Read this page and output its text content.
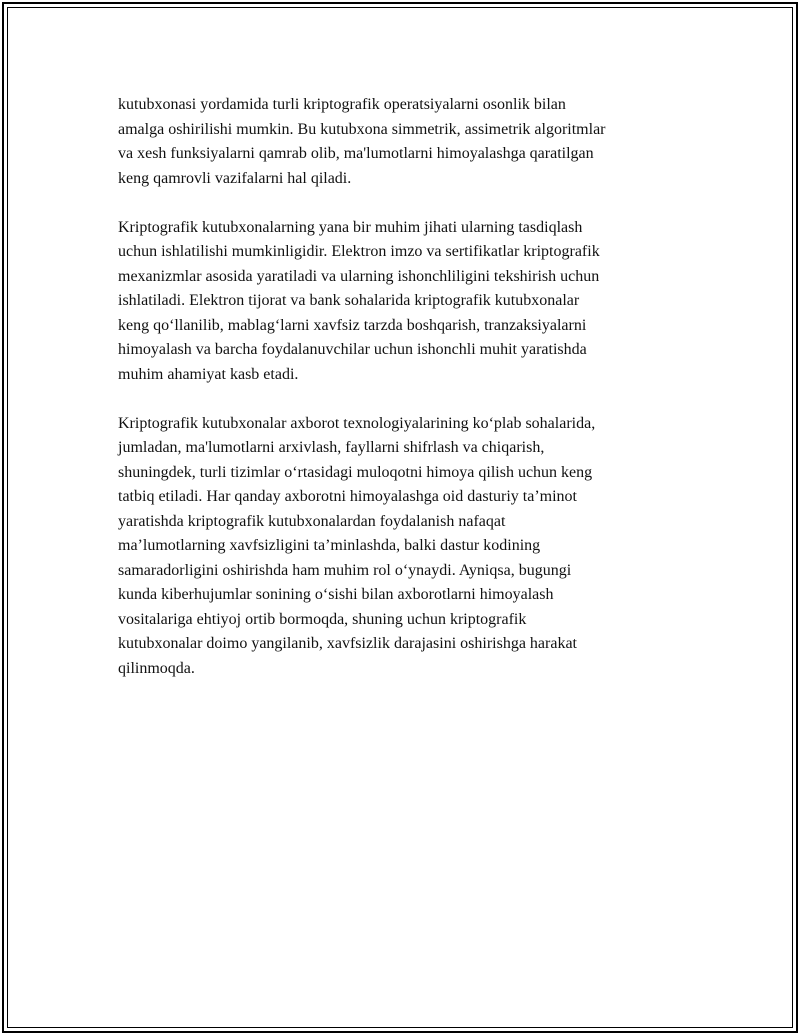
kutubxonasi yordamida turli kriptografik operatsiyalarni osonlik bilan
amalga oshirilishi mumkin. Bu kutubxona simmetrik, assimetrik algoritmlar
va xesh funksiyalarni qamrab olib, ma'lumotlarni himoyalashga qaratilgan
keng qamrovli vazifalarni hal qiladi.

Kriptografik kutubxonalarning yana bir muhim jihati ularning tasdiqlash
uchun ishlatilishi mumkinligidir. Elektron imzo va sertifikatlar kriptografik
mexanizmlar asosida yaratiladi va ularning ishonchliligini tekshirish uchun
ishlatiladi. Elektron tijorat va bank sohalarida kriptografik kutubxonalar
keng qo‘llanilib, mablag‘larni xavfsiz tarzda boshqarish, tranzaksiyalarni
himoyalash va barcha foydalanuvchilar uchun ishonchli muhit yaratishda
muhim ahamiyat kasb etadi.

Kriptografik kutubxonalar axborot texnologiyalarining ko‘plab sohalarida,
jumladan, ma'lumotlarni arxivlash, fayllarni shifrlash va chiqarish,
shuningdek, turli tizimlar o‘rtasidagi muloqotni himoya qilish uchun keng
tatbiq etiladi. Har qanday axborotni himoyalashga oid dasturiy ta’minot
yaratishda kriptografik kutubxonalardan foydalanish nafaqat
ma’lumotlarning xavfsizligini ta’minlashda, balki dastur kodining
samaradorligini oshirishda ham muhim rol o‘ynaydi. Ayniqsa, bugungi
kunda kiberhujumlar sonining o‘sishi bilan axborotlarni himoyalash
vositalariga ehtiyoj ortib bormoqda, shuning uchun kriptografik
kutubxonalar doimo yangilanib, xavfsizlik darajasini oshirishga harakat
qilinmoqda.
